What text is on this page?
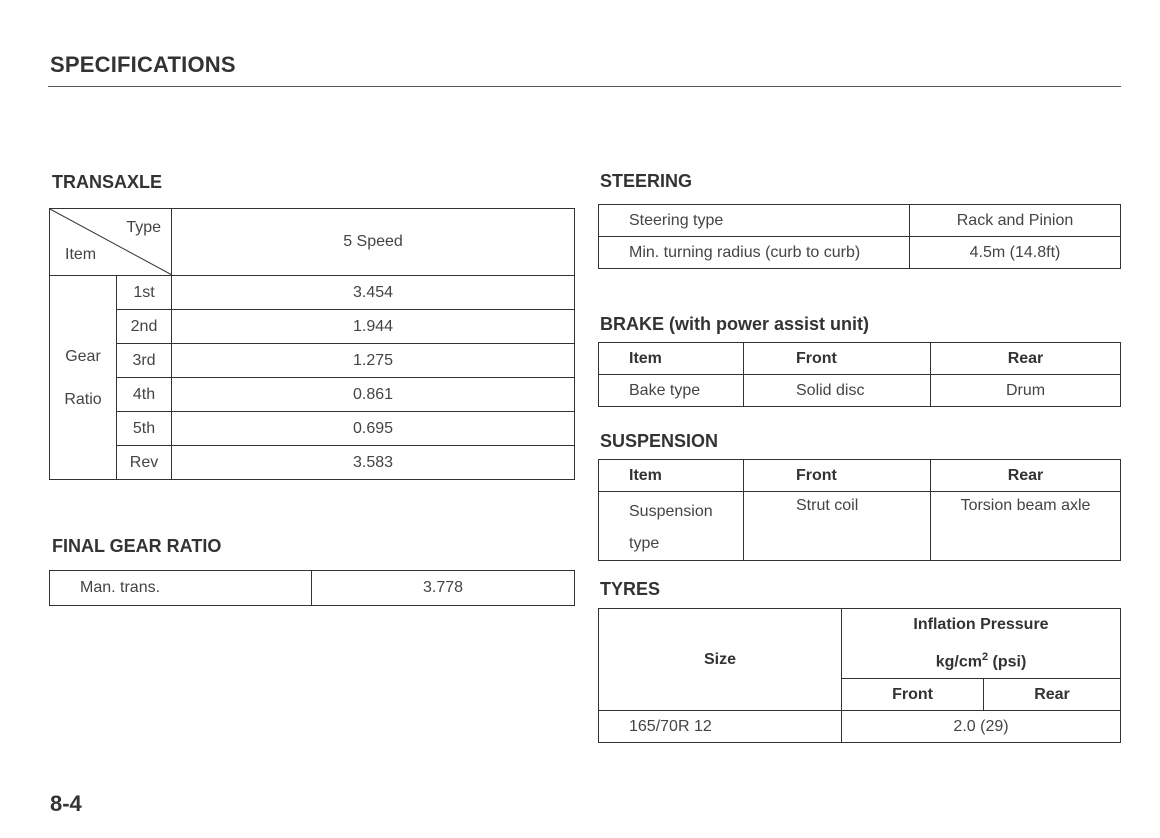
SPECIFICATIONS
TRANSAXLE
Type
Item		5 Speed

Gear
Ratio	1st	3.454
	2nd	1.944
	3rd	1.275
	4th	0.861
	5th	0.695
	Rev	3.583
FINAL GEAR RATIO
Man. trans.	3.778
STEERING
Steering type	Rack and Pinion
Min. turning radius (curb to curb)	4.5m (14.8ft)
BRAKE (with power assist unit)
Item	Front	Rear
Bake type	Solid disc	Drum
SUSPENSION
Item	Front	Rear

Suspension
type	Strut coil	Torsion beam axle
TYRES
Size	Inflation Pressure
$kg/cm^2$ (psi)	

	Front	Rear
165/70R 12	2.0 (29)	
8-4
